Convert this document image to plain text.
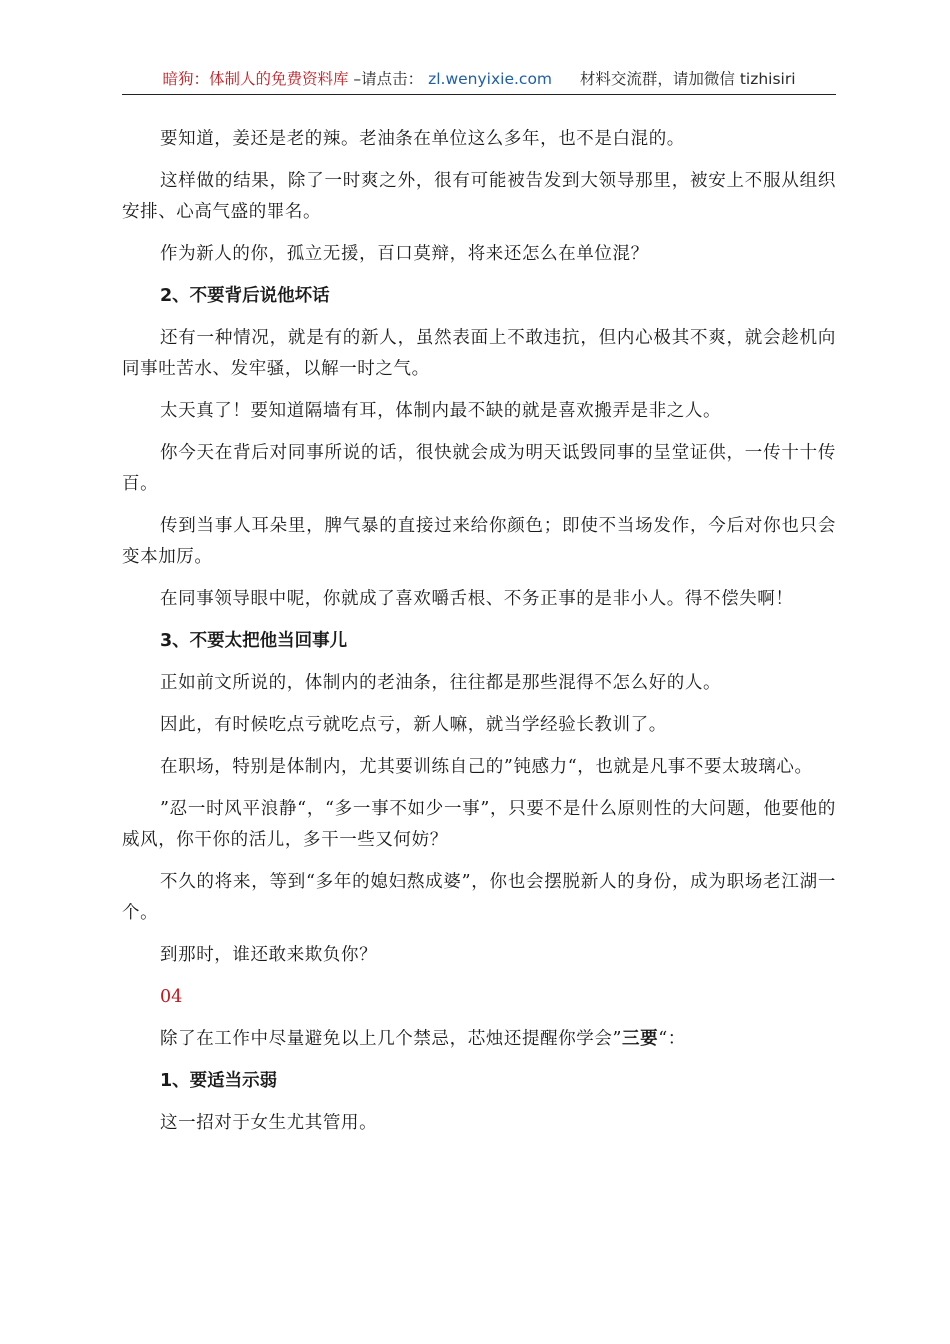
暗狗：体制人的免费资料库 –请点击： zl.wenyixie.com 材料交流群，请加微信 tizhisiri

要知道，姜还是老的辣。老油条在单位这么多年，也不是白混的。

这样做的结果，除了一时爽之外，很有可能被告发到大领导那里，被安上不服从组织安排、心高气盛的罪名。

作为新人的你，孤立无援，百口莫辩，将来还怎么在单位混？

2、不要背后说他坏话

还有一种情况，就是有的新人，虽然表面上不敢违抗，但内心极其不爽，就会趁机向同事吐苦水、发牢骚，以解一时之气。

太天真了！要知道隔墙有耳，体制内最不缺的就是喜欢搬弄是非之人。

你今天在背后对同事所说的话，很快就会成为明天诋毁同事的呈堂证供，一传十十传百。

传到当事人耳朵里，脾气暴的直接过来给你颜色；即使不当场发作，今后对你也只会变本加厉。

在同事领导眼中呢，你就成了喜欢嚼舌根、不务正事的是非小人。得不偿失啊！

3、不要太把他当回事儿

正如前文所说的，体制内的老油条，往往都是那些混得不怎么好的人。

因此，有时候吃点亏就吃点亏，新人嘛，就当学经验长教训了。

在职场，特别是体制内，尤其要训练自己的”钝感力“，也就是凡事不要太玻璃心。

”忍一时风平浪静“，“多一事不如少一事”，只要不是什么原则性的大问题，他要他的威风，你干你的活儿，多干一些又何妨？

不久的将来，等到“多年的媳妇熬成婆”，你也会摆脱新人的身份，成为职场老江湖一个。

到那时，谁还敢来欺负你？

04

除了在工作中尽量避免以上几个禁忌，芯烛还提醒你学会”三要“：

1、要适当示弱

这一招对于女生尤其管用。
